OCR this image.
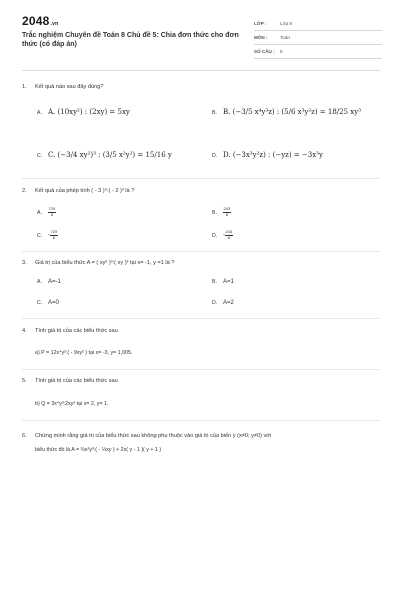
2048.vn
Trắc nghiệm Chuyên đề Toán 8 Chủ đề 5: Chia đơn thức cho đơn thức (có đáp án)
LỚP :	Lớp 8
MÔN :	Toán
SỐ CÂU : 6
1. Kết quả nào sau đây đúng?
A. A. (10xy²) : (2xy) = 5xy	B. B. (−3/5 x⁴y³z) : (5/6 x³y²z) = 18/25 xy³
C. C. (−3/4 xy²)³ : (3/5 x²y²) = 15/16 y	D. D. (−3x³y²z) : (−yz) = −3x³y
2. Kết quả của phép tính ( - 3 )⁶:( - 2 )³ là ?
A. $\frac{729}{8}$	B. $\frac{243}{8}$
C. - $\frac{729}{8}$	D. - $\frac{243}{8}$
3. Giá trị của biểu thức A = ( xy² )³:( xy )³ tại x= -1, y =1 là ?
A. A=-1	B. A=1
C. A=0	D. A=2
4. Tính giá trị của các biểu thức sau
a) P = 12x⁴y²:( - 9xy² ) tại x= -3, y= 1,005.
5. Tính giá trị của các biểu thức sau
b) Q = 3x⁴y³:2xy² tại x= 2, y= 1.
6. Chứng minh rằng giá trị của biểu thức sau không phụ thuộc vào giá trị của biến y (x≠0; y≠0) với
biểu thức đó là A = ⅔x²y³:( - ⅓xy ) + 2x( y - 1 )( y + 1 )
